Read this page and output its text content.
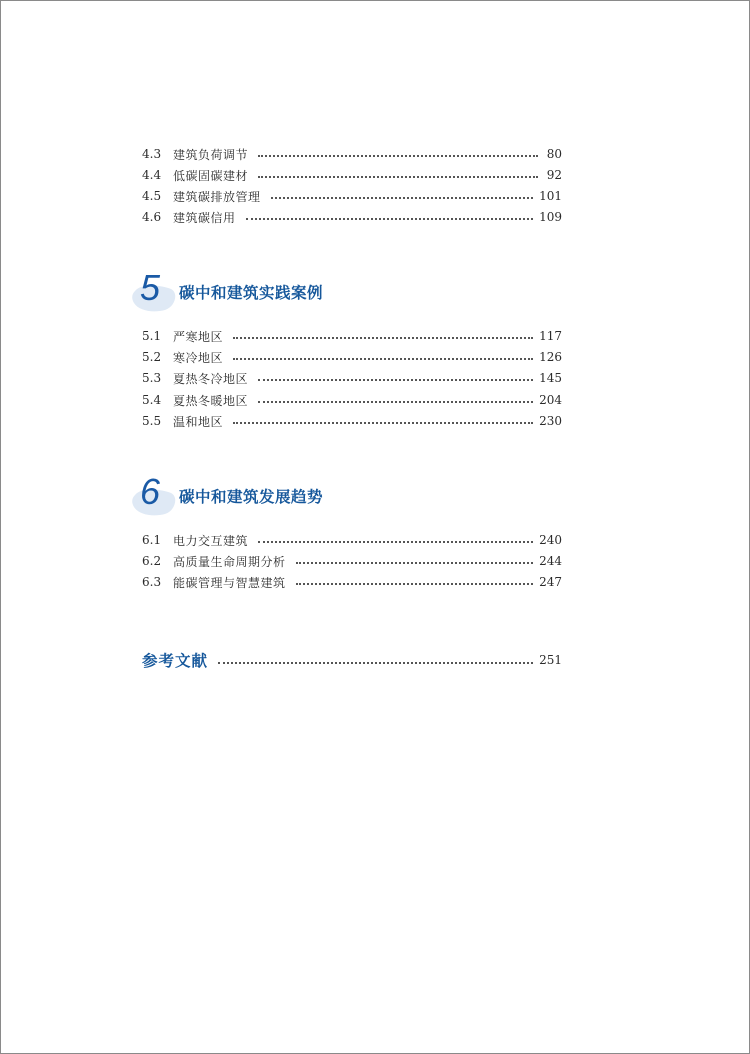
4.3 建筑负荷调节	80
4.4 低碳固碳建材	92
4.5 建筑碳排放管理	101
4.6 建筑碳信用	109
5 碳中和建筑实践案例
5.1 严寒地区	117
5.2 寒冷地区	126
5.3 夏热冬冷地区	145
5.4 夏热冬暖地区	204
5.5 温和地区	230
6 碳中和建筑发展趋势
6.1 电力交互建筑	240
6.2 高质量生命周期分析	244
6.3 能碳管理与智慧建筑	247
参考文献	251
